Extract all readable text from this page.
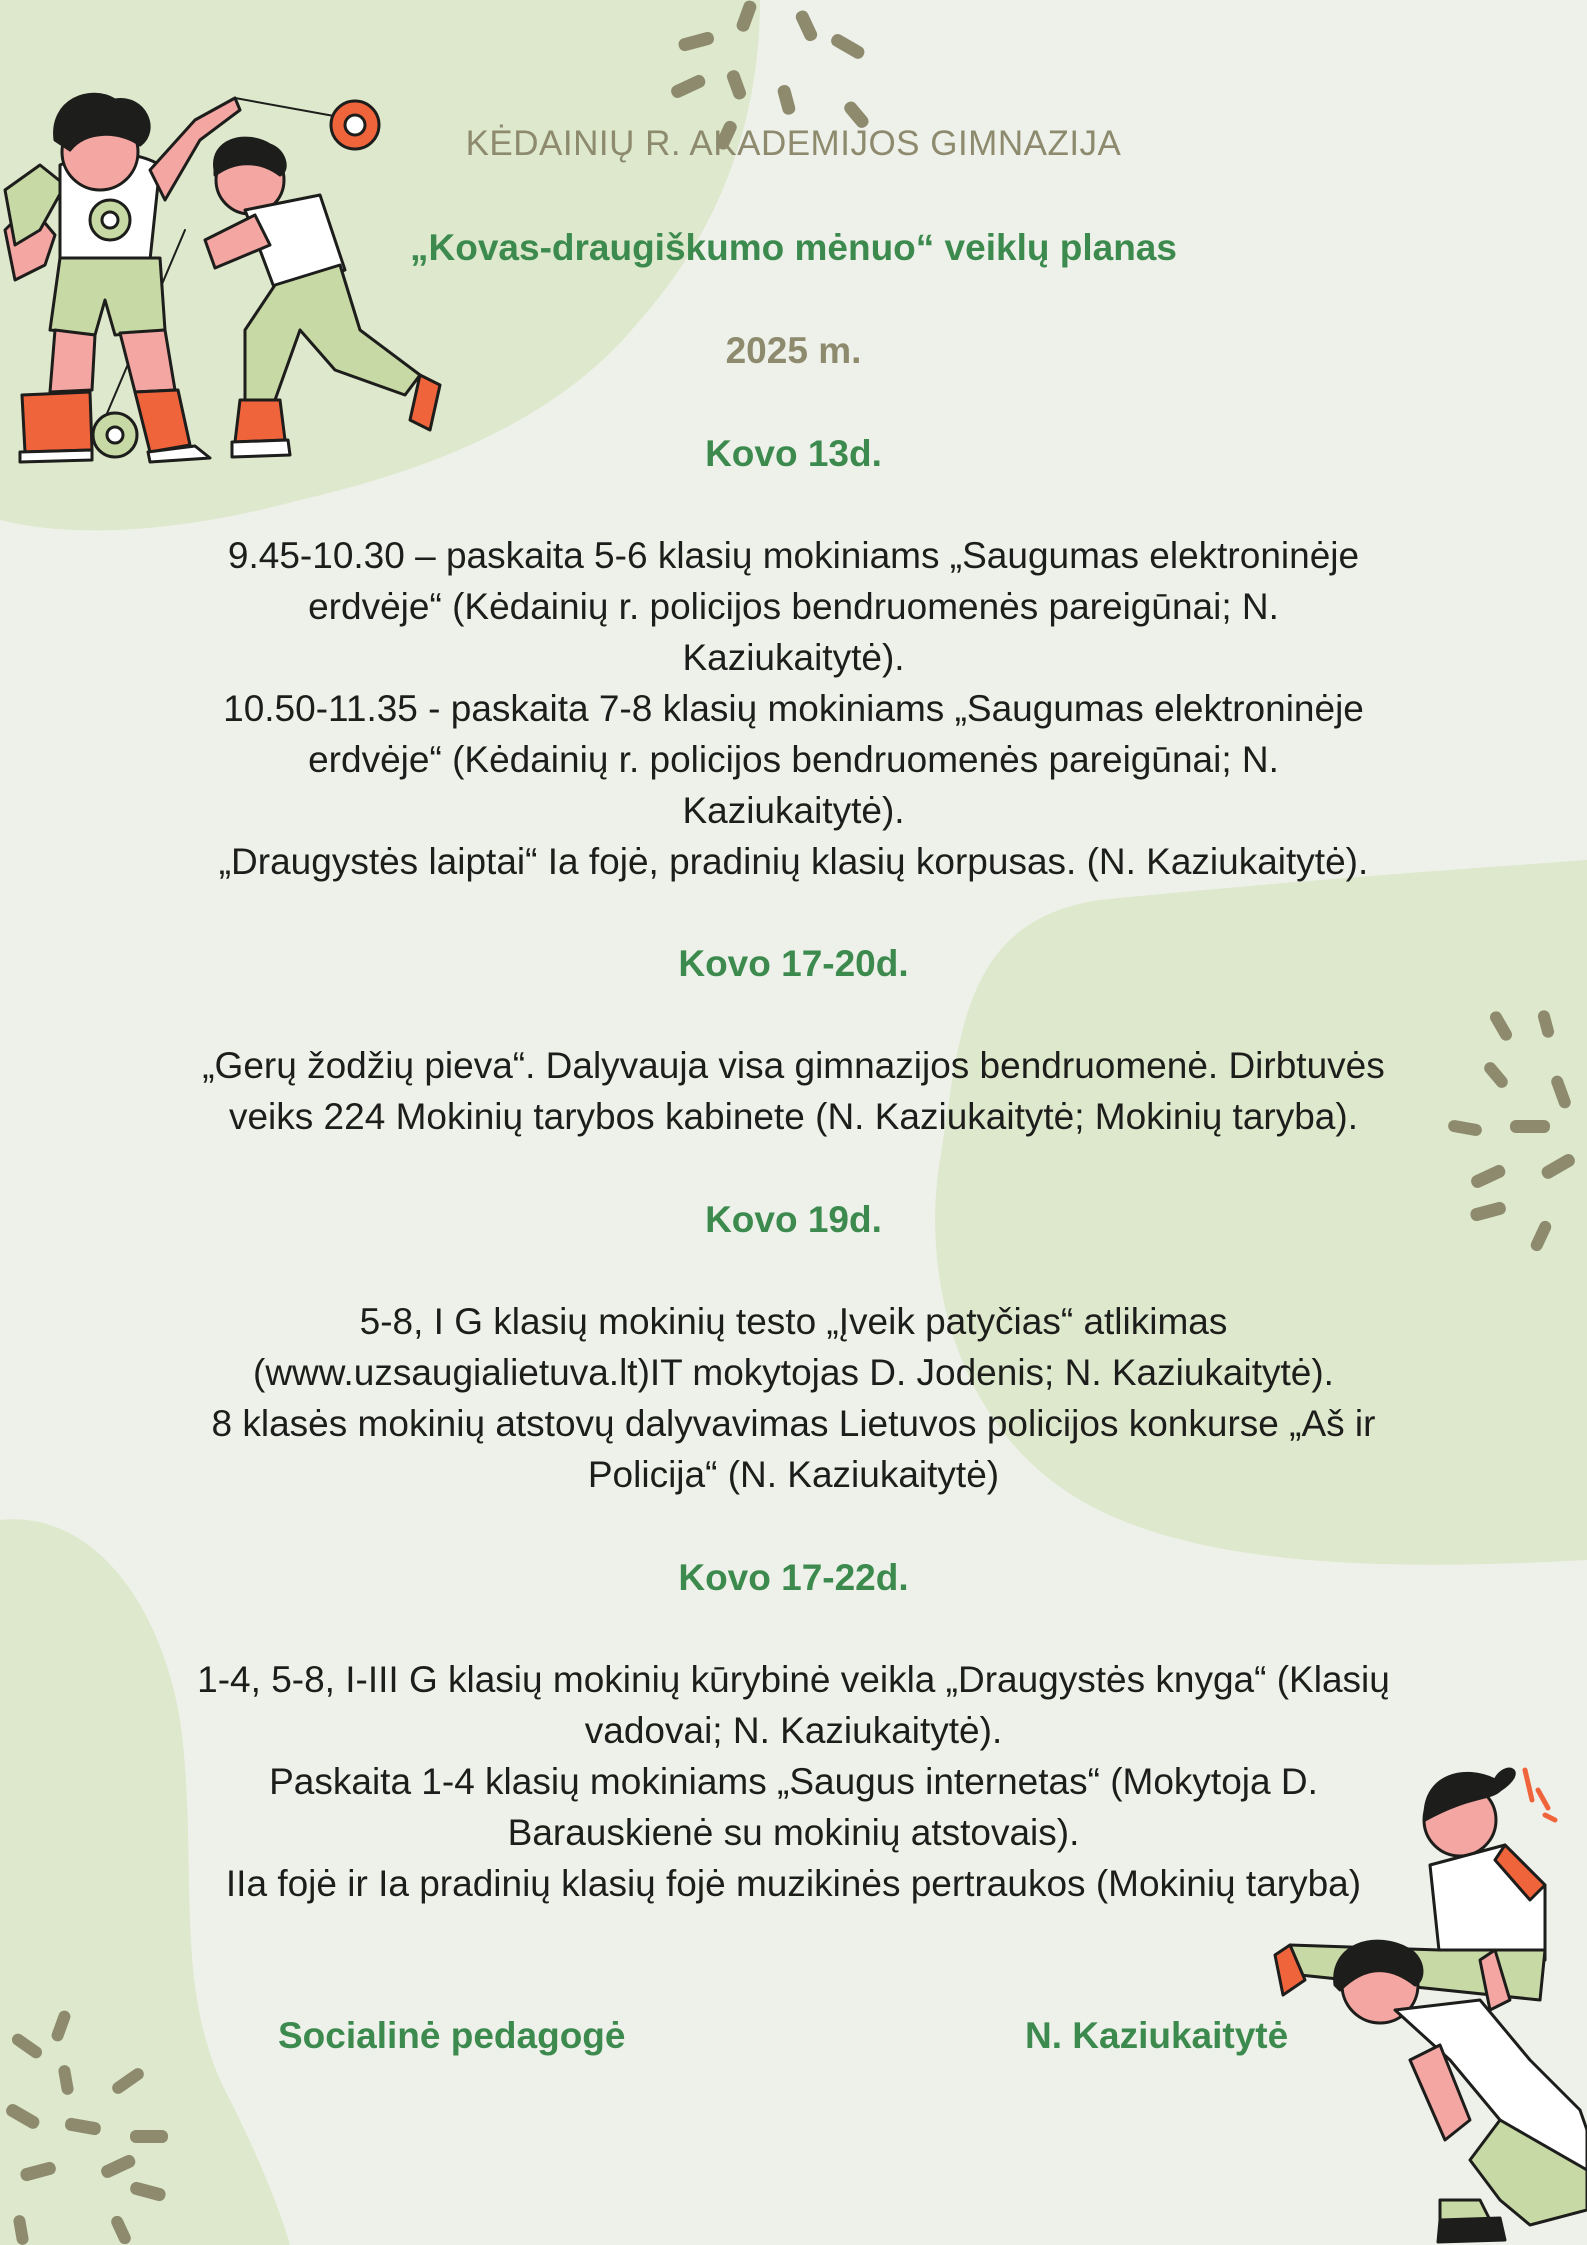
KĖDAINIŲ R. AKADEMIJOS GIMNAZIJA

„Kovas-draugiškumo mėnuo“ veiklų planas

2025 m.

Kovo 13d.

9.45-10.30 – paskaita 5-6 klasių mokiniams „Saugumas elektroninėje

erdvėje“ (Kėdainių r. policijos bendruomenės pareigūnai; N.

Kaziukaitytė).

10.50-11.35 - paskaita 7-8 klasių mokiniams „Saugumas elektroninėje

erdvėje“ (Kėdainių r. policijos bendruomenės pareigūnai; N.

Kaziukaitytė).

„Draugystės laiptai“ Ia fojė, pradinių klasių korpusas. (N. Kaziukaitytė).

Kovo 17-20d.

„Gerų žodžių pieva“. Dalyvauja visa gimnazijos bendruomenė. Dirbtuvės

veiks 224 Mokinių tarybos kabinete (N. Kaziukaitytė; Mokinių taryba).

Kovo 19d.

5-8, I G klasių mokinių testo „Įveik patyčias“ atlikimas

(www.uzsaugialietuva.lt)IT mokytojas D. Jodenis; N. Kaziukaitytė).

8 klasės mokinių atstovų dalyvavimas Lietuvos policijos konkurse „Aš ir

Policija“ (N. Kaziukaitytė)

Kovo 17-22d.

1-4, 5-8, I-III G klasių mokinių kūrybinė veikla „Draugystės knyga“ (Klasių

vadovai; N. Kaziukaitytė).

Paskaita 1-4 klasių mokiniams „Saugus internetas“ (Mokytoja D.

Barauskienė su mokinių atstovais).

IIa fojė ir Ia pradinių klasių fojė muzikinės pertraukos (Mokinių taryba)

Socialinė pedagogė	N. Kaziukaitytė
